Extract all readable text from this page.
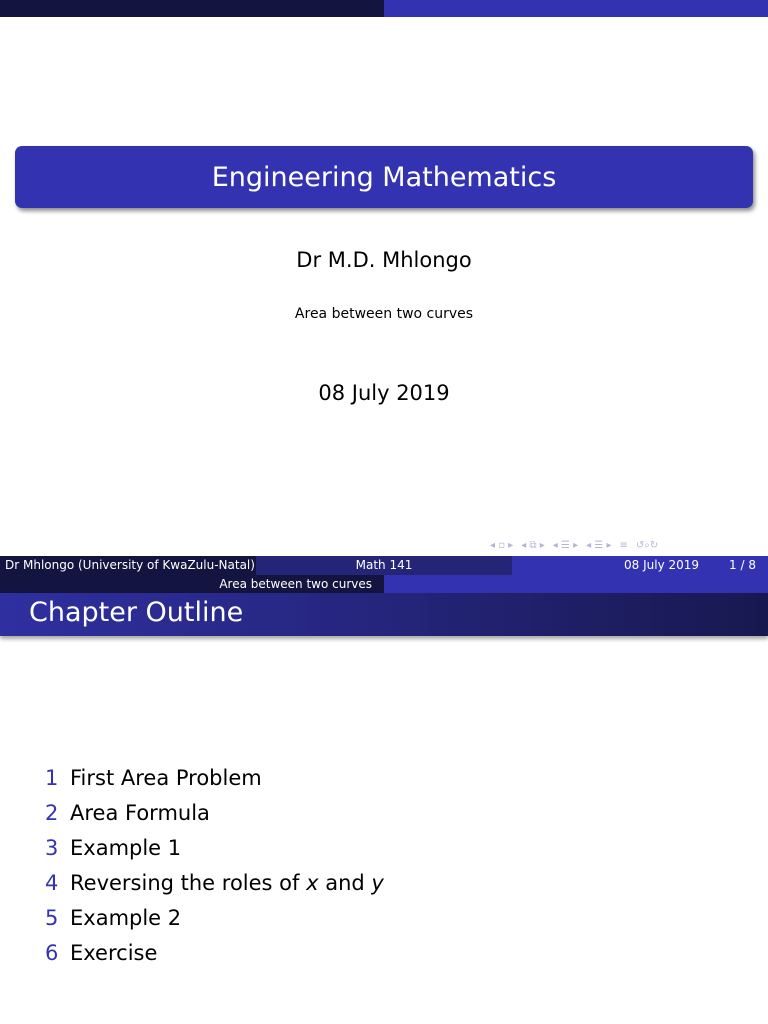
Engineering Mathematics
Dr M.D. Mhlongo
Area between two curves
08 July 2019
◂ ▫ ▸ ◂ ⧉ ▸ ◂ ☰ ▸ ◂ ☰ ▸ ≡ ↺⌕↻
Dr Mhlongo (University of KwaZulu-Natal)	Math 141	08 July 2019	1 / 8
Area between two curves
Chapter Outline
1 First Area Problem
2 Area Formula
3 Example 1
4 Reversing the roles of x and y
5 Example 2
6 Exercise
